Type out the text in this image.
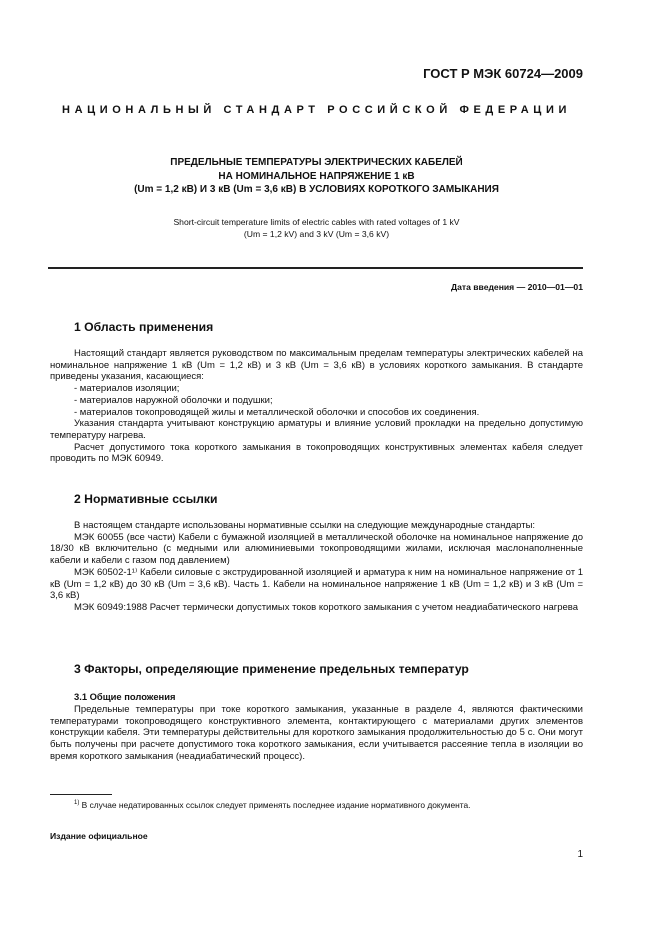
ГОСТ Р МЭК 60724—2009
НАЦИОНАЛЬНЫЙ СТАНДАРТ РОССИЙСКОЙ ФЕДЕРАЦИИ
ПРЕДЕЛЬНЫЕ ТЕМПЕРАТУРЫ ЭЛЕКТРИЧЕСКИХ КАБЕЛЕЙ
НА НОМИНАЛЬНОЕ НАПРЯЖЕНИЕ 1 кВ
(Um = 1,2 кВ) И 3 кВ (Um = 3,6 кВ) В УСЛОВИЯХ КОРОТКОГО ЗАМЫКАНИЯ
Short-circuit temperature limits of electric cables with rated voltages of 1 kV
(Um = 1,2 kV) and 3 kV (Um = 3,6 kV)
Дата введения — 2010—01—01
1 Область применения
Настоящий стандарт является руководством по максимальным пределам температуры электрических кабелей на номинальное напряжение 1 кВ (Um = 1,2 кВ) и 3 кВ (Um = 3,6 кВ) в условиях короткого замыкания. В стандарте приведены указания, касающиеся:
- материалов изоляции;
- материалов наружной оболочки и подушки;
- материалов токопроводящей жилы и металлической оболочки и способов их соединения.
Указания стандарта учитывают конструкцию арматуры и влияние условий прокладки на предельно допустимую температуру нагрева.
Расчет допустимого тока короткого замыкания в токопроводящих конструктивных элементах кабеля следует проводить по МЭК 60949.
2 Нормативные ссылки
В настоящем стандарте использованы нормативные ссылки на следующие международные стандарты:
МЭК 60055 (все части) Кабели с бумажной изоляцией в металлической оболочке на номинальное напряжение до 18/30 кВ включительно (с медными или алюминиевыми токопроводящими жилами, исключая маслонаполненные кабели и кабели с газом под давлением)
МЭК 60502-1¹⁾ Кабели силовые с экструдированной изоляцией и арматура к ним на номинальное напряжение от 1 кВ (Um = 1,2 кВ) до 30 кВ (Um = 3,6 кВ). Часть 1. Кабели на номинальное напряжение 1 кВ (Um = 1,2 кВ) и 3 кВ (Um = 3,6 кВ)
МЭК 60949:1988 Расчет термически допустимых токов короткого замыкания с учетом неадиабатического нагрева
3 Факторы, определяющие применение предельных температур
3.1 Общие положения
Предельные температуры при токе короткого замыкания, указанные в разделе 4, являются фактическими температурами токопроводящего конструктивного элемента, контактирующего с материалами других элементов конструкции кабеля. Эти температуры действительны для короткого замыкания продолжительностью до 5 с. Они могут быть получены при расчете допустимого тока короткого замыкания, если учитывается рассеяние тепла в изоляции во время короткого замыкания (неадиабатический процесс).
$^{1)}$ В случае недатированных ссылок следует применять последнее издание нормативного документа.
Издание официальное
1
